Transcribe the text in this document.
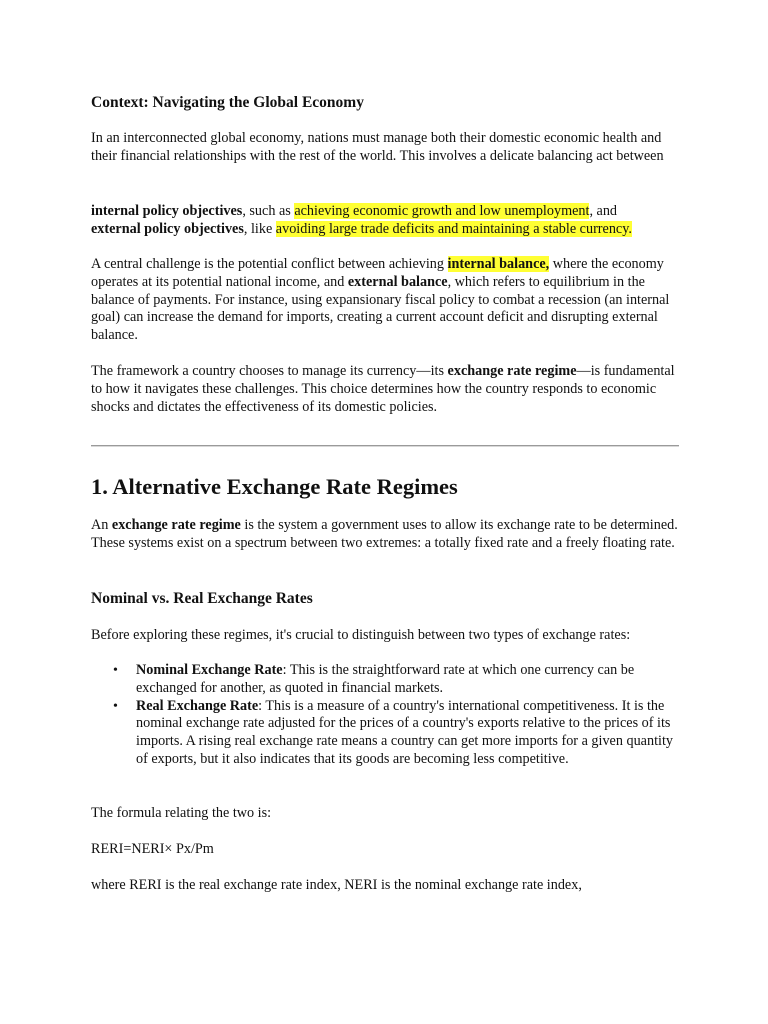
Context: Navigating the Global Economy

In an interconnected global economy, nations must manage both their domestic economic health and their financial relationships with the rest of the world. This involves a delicate balancing act between

internal policy objectives, such as achieving economic growth and low unemployment, and
external policy objectives, like avoiding large trade deficits and maintaining a stable currency.

A central challenge is the potential conflict between achieving internal balance, where the economy operates at its potential national income, and external balance, which refers to equilibrium in the balance of payments. For instance, using expansionary fiscal policy to combat a recession (an internal goal) can increase the demand for imports, creating a current account deficit and disrupting external balance.

The framework a country chooses to manage its currency—its exchange rate regime—is fundamental to how it navigates these challenges. This choice determines how the country responds to economic shocks and dictates the effectiveness of its domestic policies.

1. Alternative Exchange Rate Regimes

An exchange rate regime is the system a government uses to allow its exchange rate to be determined. These systems exist on a spectrum between two extremes: a totally fixed rate and a freely floating rate.

Nominal vs. Real Exchange Rates

Before exploring these regimes, it's crucial to distinguish between two types of exchange rates:

• Nominal Exchange Rate: This is the straightforward rate at which one currency can be exchanged for another, as quoted in financial markets.
• Real Exchange Rate: This is a measure of a country's international competitiveness. It is the nominal exchange rate adjusted for the prices of a country's exports relative to the prices of its imports. A rising real exchange rate means a country can get more imports for a given quantity of exports, but it also indicates that its goods are becoming less competitive.

The formula relating the two is:

RERI=NERI× Px/Pm

where RERI is the real exchange rate index, NERI is the nominal exchange rate index,
